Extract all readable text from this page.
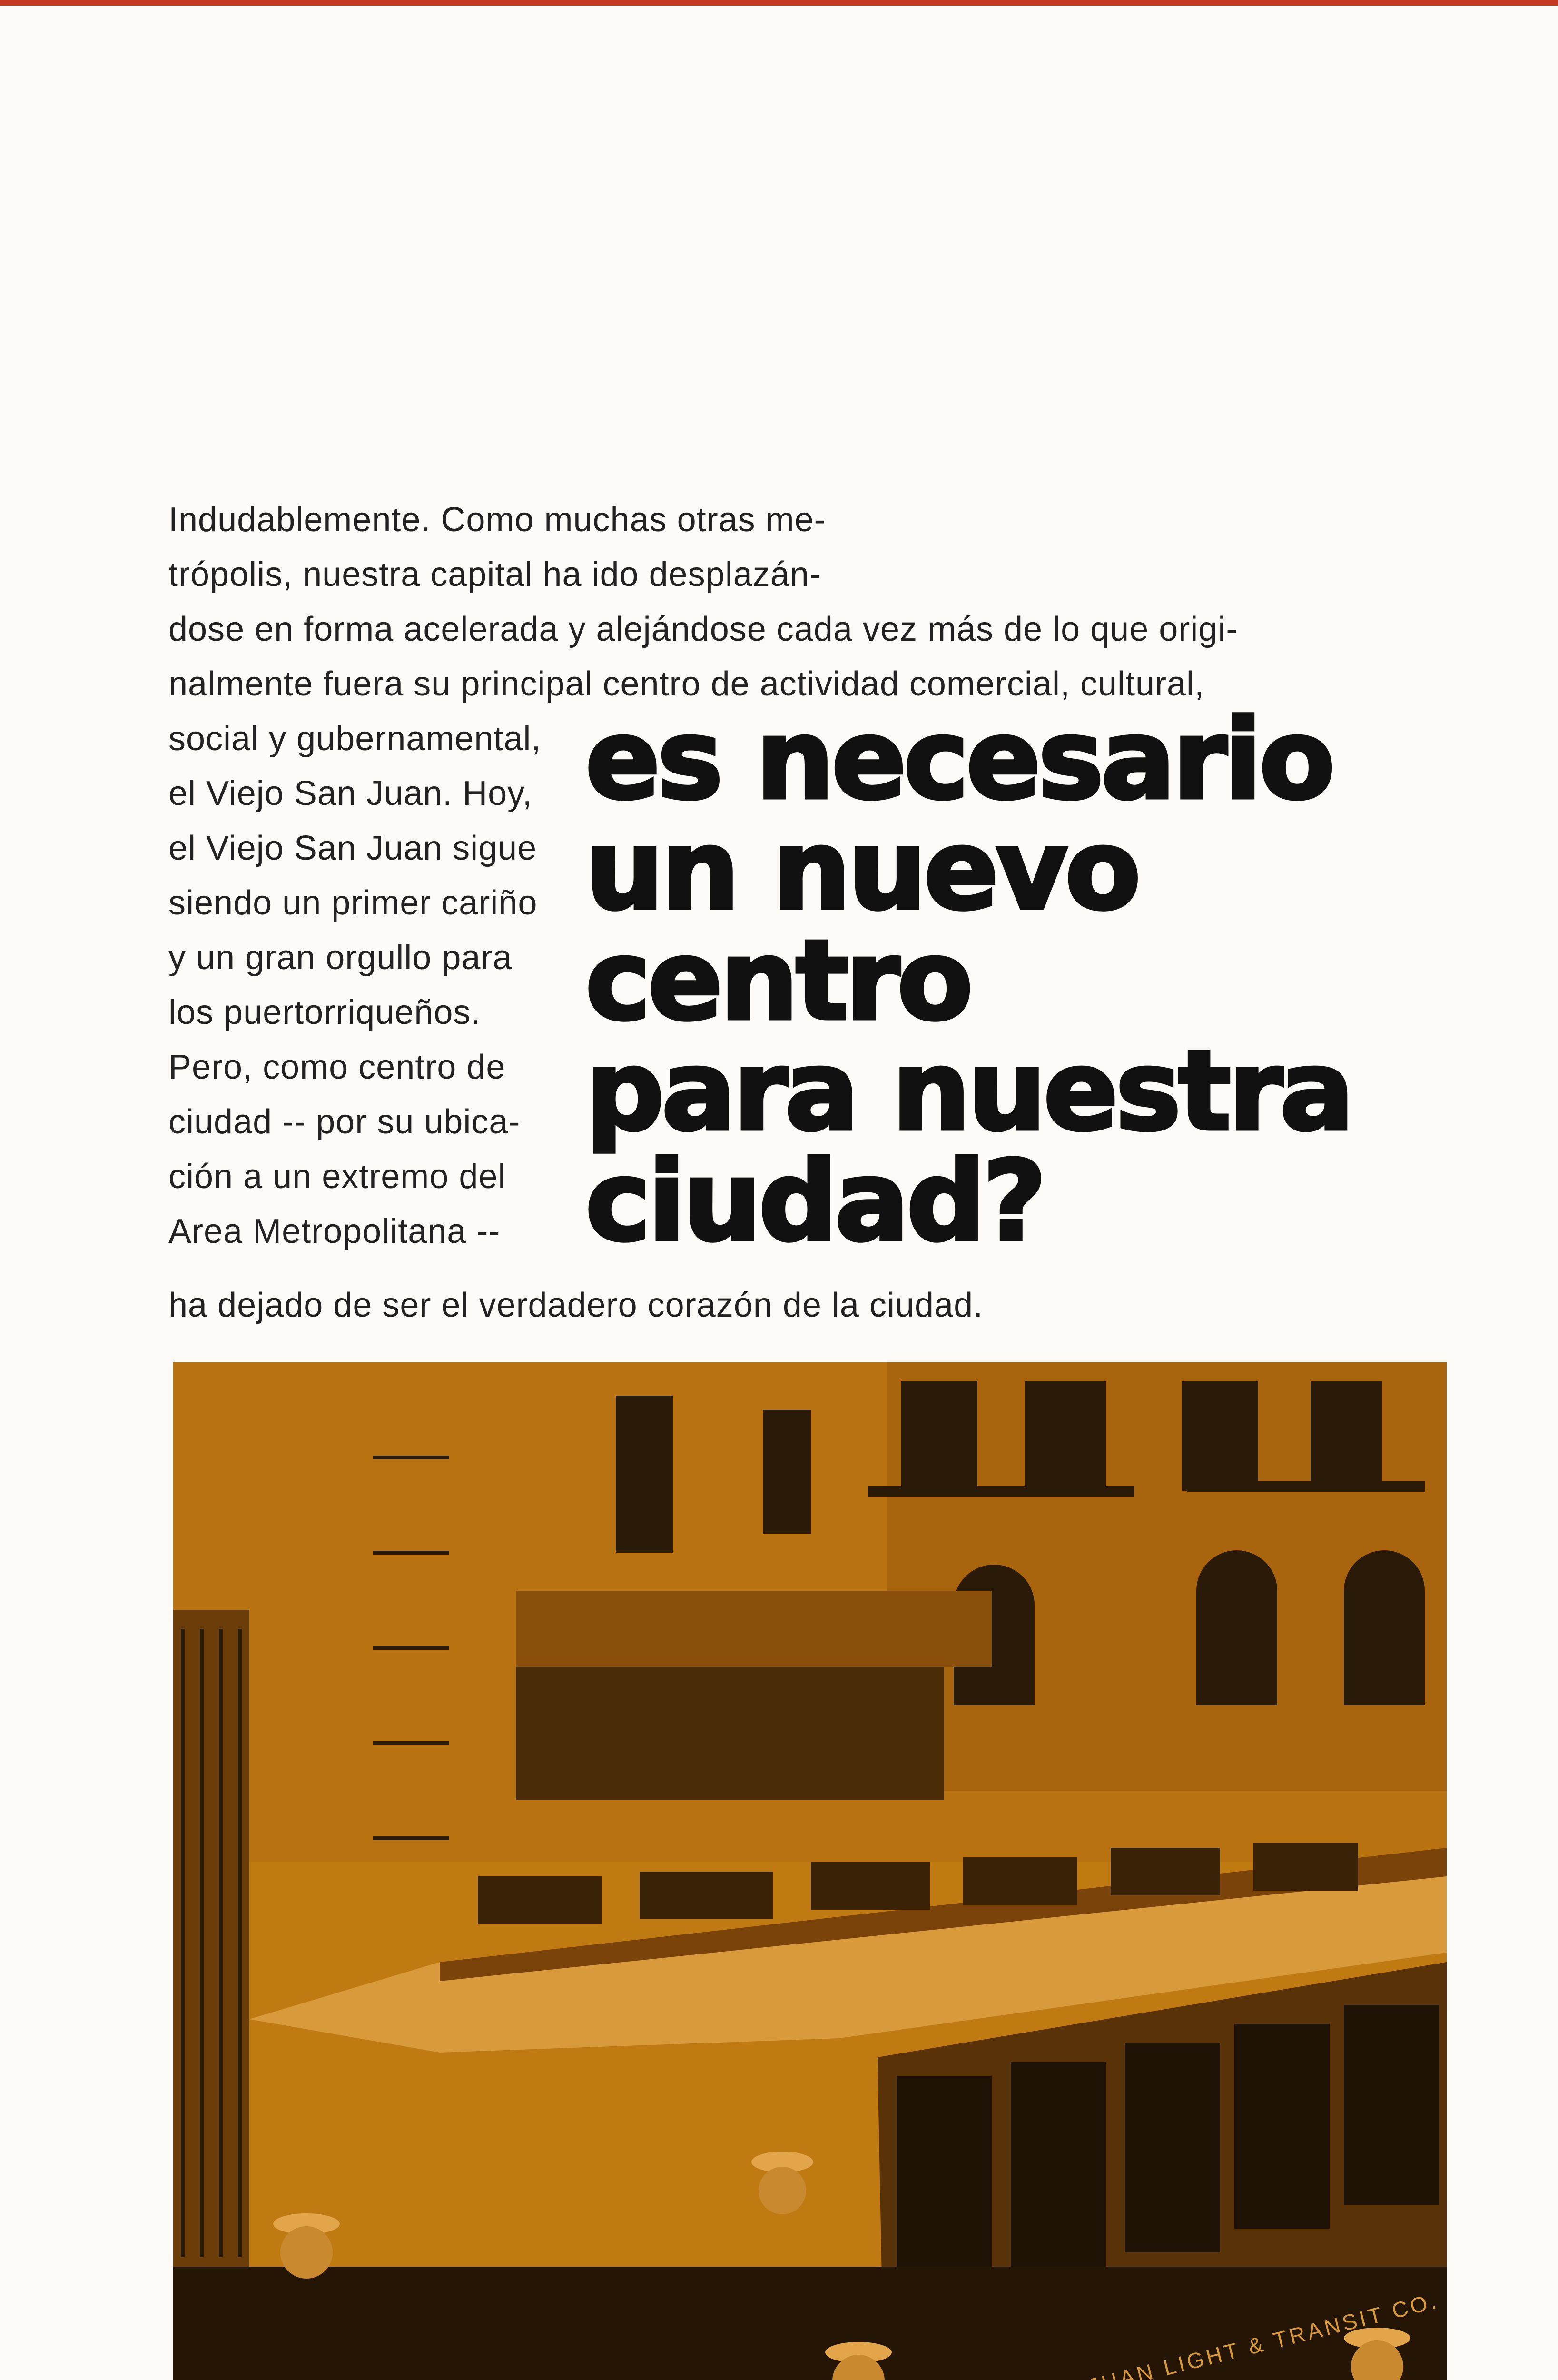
Indudablemente. Como muchas otras me-
trópolis, nuestra capital ha ido desplazán-
dose en forma acelerada y alejándose cada vez más de lo que origi-
nalmente fuera su principal centro de actividad comercial, cultural,

social y gubernamental,
el Viejo San Juan. Hoy,
el Viejo San Juan sigue
siendo un primer cariño
y un gran orgullo para
los puertorriqueños.
Pero, como centro de
ciudad -- por su ubica-
ción a un extremo del
Area Metropolitana --

es necesario
un nuevo
centro
para nuestra
ciudad?

ha dejado de ser el verdadero corazón de la ciudad.
